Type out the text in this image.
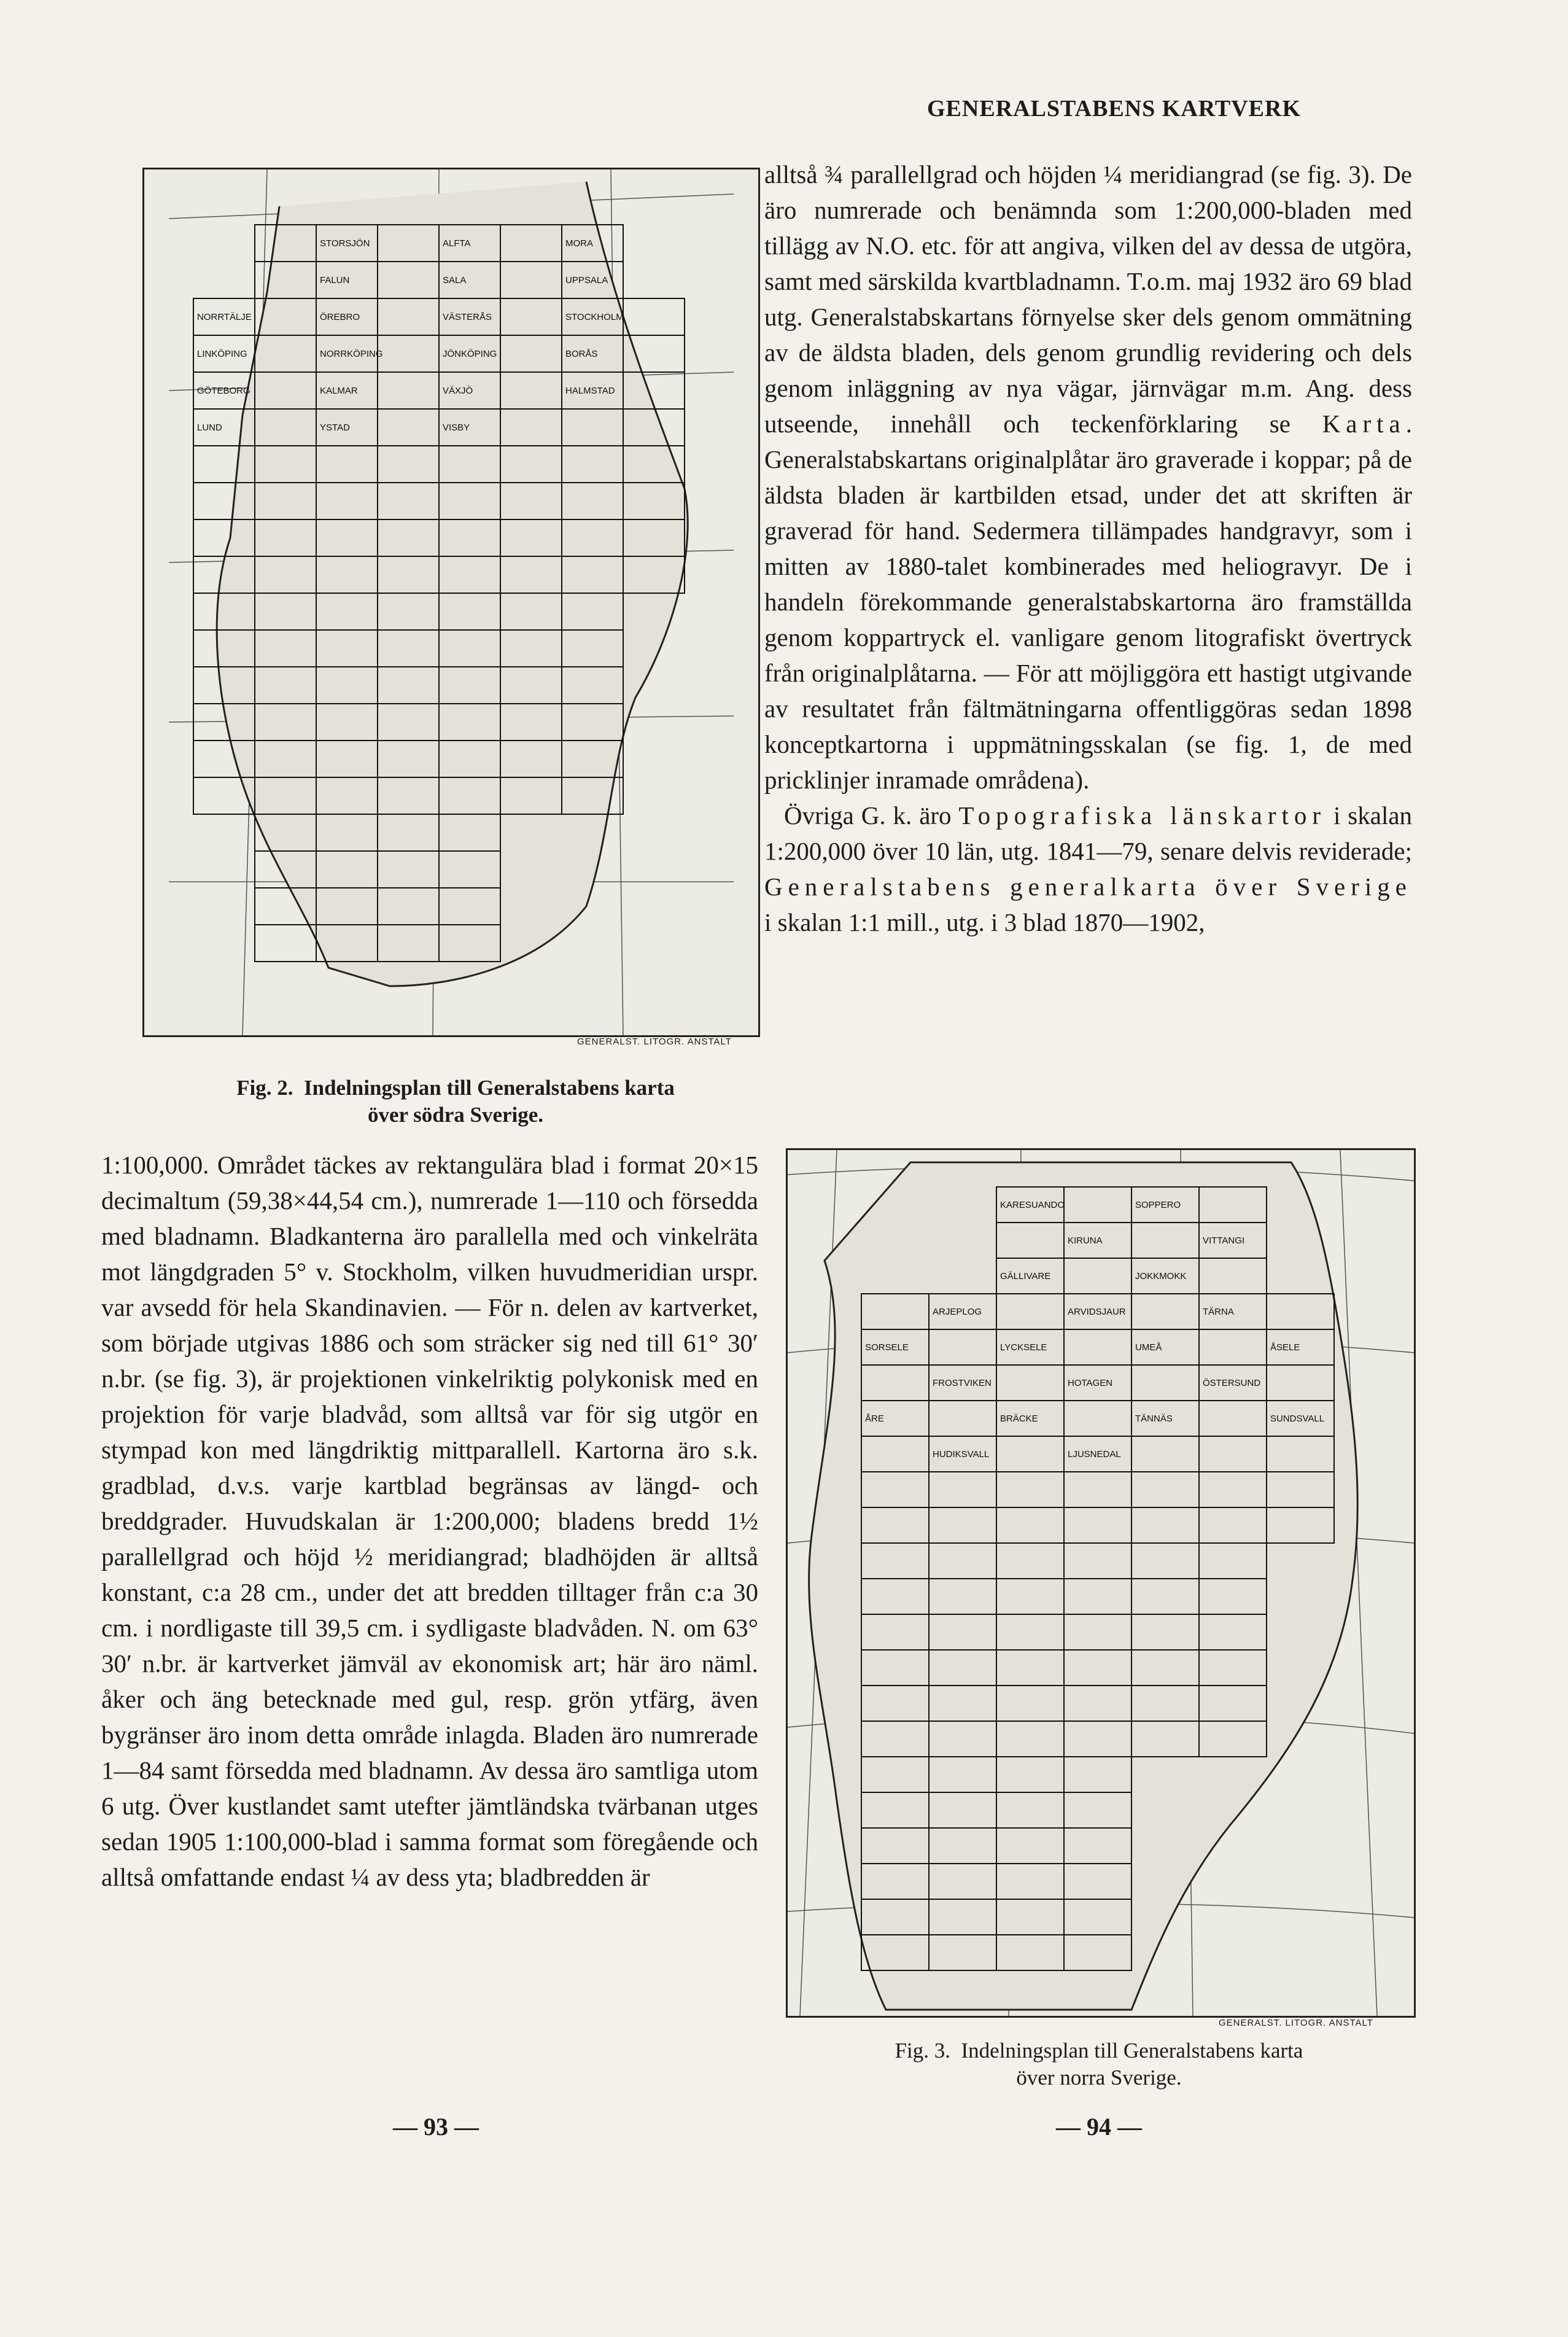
GENERALSTABENS KARTVERK
STORSJÖN	ALFTA	MORA
FALUN	SALA	UPPSALA
NORRTÄLJE	ÖREBRO	VÄSTERÅS	STOCKHOLM
LINKÖPING	NORRKÖPING	JÖNKÖPING	BORÅS
GÖTEBORG	KALMAR	VÄXJÖ	HALMSTAD
LUND	YSTAD	VISBY
GENERALST. LITOGR. ANSTALT
Fig. 2. Indelningsplan till Generalstabens karta
över södra Sverige.

1:100,000. Området täckes av rektangulära blad i format 20×15 decimaltum (59,38×44,54 cm.), numrerade 1—110 och försedda med bladnamn. Bladkanterna äro parallella med och vinkelräta mot längdgraden 5° v. Stockholm, vilken huvudmeridian urspr. var avsedd för hela Skandinavien. — För n. delen av kartverket, som började utgivas 1886 och som sträcker sig ned till 61° 30′ n.br. (se fig. 3), är projektionen vinkelriktig polykonisk med en projektion för varje bladvåd, som alltså var för sig utgör en stympad kon med längdriktig mittparallell. Kartorna äro s.k. gradblad, d.v.s. varje kartblad begränsas av längd- och breddgrader. Huvudskalan är 1:200,000; bladens bredd 1½ parallellgrad och höjd ½ meridiangrad; bladhöjden är alltså konstant, c:a 28 cm., under det att bredden tilltager från c:a 30 cm. i nordligaste till 39,5 cm. i sydligaste bladvåden. N. om 63° 30′ n.br. är kartverket jämväl av ekonomisk art; här äro näml. åker och äng betecknade med gul, resp. grön ytfärg, även bygränser äro inom detta område inlagda. Bladen äro numrerade 1—84 samt försedda med bladnamn. Av dessa äro samtliga utom 6 utg. Över kustlandet samt utefter jämtländska tvärbanan utges sedan 1905 1:100,000-blad i samma format som föregående och alltså omfattande endast ¼ av dess yta; bladbredden är

alltså ¾ parallellgrad och höjden ¼ meridiangrad (se fig. 3). De äro numrerade och benämnda som 1:200,000-bladen med tillägg av N.O. etc. för att angiva, vilken del av dessa de utgöra, samt med särskilda kvartbladnamn. T.o.m. maj 1932 äro 69 blad utg. Generalstabskartans förnyelse sker dels genom ommätning av de äldsta bladen, dels genom grundlig revidering och dels genom inläggning av nya vägar, järnvägar m.m. Ang. dess utseende, innehåll och teckenförklaring se Karta. Generalstabskartans originalplåtar äro graverade i koppar; på de äldsta bladen är kartbilden etsad, under det att skriften är graverad för hand. Sedermera tillämpades handgravyr, som i mitten av 1880-talet kombinerades med heliogravyr. De i handeln förekommande generalstabskartorna äro framställda genom koppartryck el. vanligare genom litografiskt övertryck från originalplåtarna. — För att möjliggöra ett hastigt utgivande av resultatet från fältmätningarna offentliggöras sedan 1898 konceptkartorna i uppmätningsskalan (se fig. 1, de med pricklinjer inramade områdena).

Övriga G. k. äro Topografiska länskartor i skalan 1:200,000 över 10 län, utg. 1841—79, senare delvis reviderade; Generalstabens generalkarta över Sverige i skalan 1:1 mill., utg. i 3 blad 1870—1902,

KARESUANDO	SOPPERO
KIRUNA	VITTANGI
GÄLLIVARE	JOKKMOKK
ARJEPLOG	ARVIDSJAUR	TÄRNA
SORSELE	LYCKSELE	UMEÅ	ÅSELE
FROSTVIKEN	HOTAGEN	ÖSTERSUND
ÅRE	BRÄCKE	TÄNNÄS	SUNDSVALL
HUDIKSVALL	LJUSNEDAL
GENERALST. LITOGR. ANSTALT
Fig. 3. Indelningsplan till Generalstabens karta
över norra Sverige.
— 93 —	— 94 —
